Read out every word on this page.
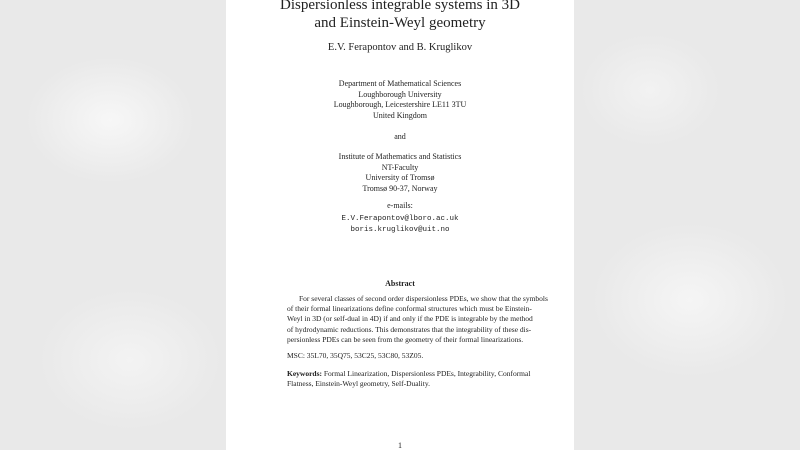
Dispersionless integrable systems in 3D
and Einstein-Weyl geometry
E.V. Ferapontov and B. Kruglikov
Department of Mathematical Sciences
Loughborough University
Loughborough, Leicestershire LE11 3TU
United Kingdom
and
Institute of Mathematics and Statistics
NT-Faculty
University of Tromsø
Tromsø 90-37, Norway
e-mails:
E.V.Ferapontov@lboro.ac.uk
boris.kruglikov@uit.no
Abstract
For several classes of second order dispersionless PDEs, we show that the symbols
of their formal linearizations define conformal structures which must be Einstein-
Weyl in 3D (or self-dual in 4D) if and only if the PDE is integrable by the method
of hydrodynamic reductions. This demonstrates that the integrability of these dis-
persionless PDEs can be seen from the geometry of their formal linearizations.
MSC: 35L70, 35Q75, 53C25, 53C80, 53Z05.
Keywords: Formal Linearization, Dispersionless PDEs, Integrability, Conformal
Flatness, Einstein-Weyl geometry, Self-Duality.
1
